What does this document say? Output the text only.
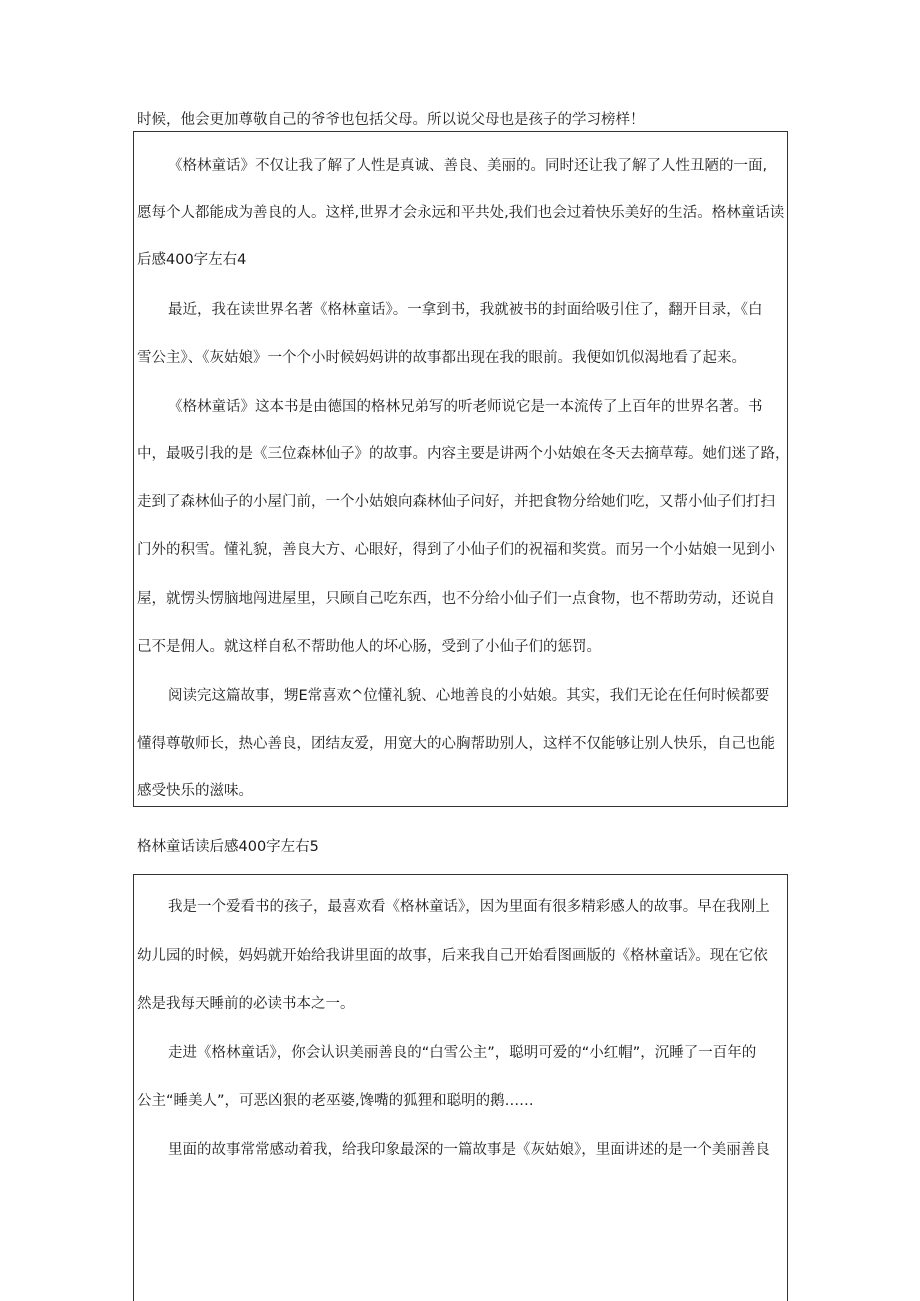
时候，他会更加尊敬自己的爷爷也包括父母。所以说父母也是孩子的学习榜样！
《格林童话》不仅让我了解了人性是真诚、善良、美丽的。同时还让我了解了人性丑陋的一面,
愿每个人都能成为善良的人。这样,世界才会永远和平共处,我们也会过着快乐美好的生活。格林童话读
后感400字左右4
最近，我在读世界名著《格林童话》。一拿到书，我就被书的封面给吸引住了，翻开目录，《白
雪公主》、《灰姑娘》一个个小时候妈妈讲的故事都出现在我的眼前。我便如饥似渴地看了起来。
《格林童话》这本书是由德国的格林兄弟写的听老师说它是一本流传了上百年的世界名著。书
中，最吸引我的是《三位森林仙子》的故事。内容主要是讲两个小姑娘在冬天去摘草莓。她们迷了路，
走到了森林仙子的小屋门前，一个小姑娘向森林仙子问好，并把食物分给她们吃，又帮小仙子们打扫
门外的积雪。懂礼貌，善良大方、心眼好，得到了小仙子们的祝福和奖赏。而另一个小姑娘一见到小
屋，就愣头愣脑地闯进屋里，只顾自己吃东西，也不分给小仙子们一点食物，也不帮助劳动，还说自
己不是佣人。就这样自私不帮助他人的坏心肠，受到了小仙子们的惩罚。
阅读完这篇故事，甥E常喜欢^位懂礼貌、心地善良的小姑娘。其实，我们无论在任何时候都要
懂得尊敬师长，热心善良，团结友爱，用宽大的心胸帮助别人，这样不仅能够让别人快乐，自己也能
感受快乐的滋味。
格林童话读后感400字左右5
我是一个爱看书的孩子，最喜欢看《格林童话》，因为里面有很多精彩感人的故事。早在我刚上
幼儿园的时候，妈妈就开始给我讲里面的故事，后来我自己开始看图画版的《格林童话》。现在它依
然是我每天睡前的必读书本之一。
走进《格林童话》，你会认识美丽善良的“白雪公主”，聪明可爱的“小红帽”，沉睡了一百年的
公主“睡美人”，可恶凶狠的老巫婆,馋嘴的狐狸和聪明的鹅……
里面的故事常常感动着我，给我印象最深的一篇故事是《灰姑娘》，里面讲述的是一个美丽善良
